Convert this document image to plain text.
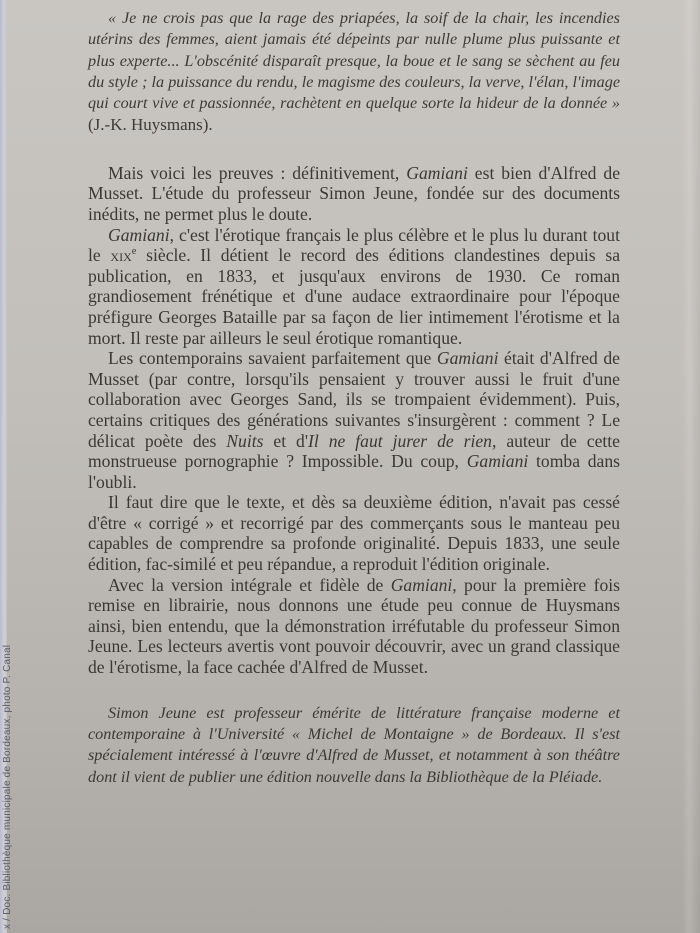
x / Doc. Bibliothèque municipale de Bordeaux, photo P. Canal
« Je ne crois pas que la rage des priapées, la soif de la chair, les incendies utérins des femmes, aient jamais été dépeints par nulle plume plus puissante et plus experte... L'obscénité disparaît presque, la boue et le sang se sèchent au feu du style ; la puissance du rendu, le magisme des couleurs, la verve, l'élan, l'image qui court vive et passionnée, rachètent en quelque sorte la hideur de la donnée » (J.-K. Huysmans).

Mais voici les preuves : définitivement, Gamiani est bien d'Alfred de Musset. L'étude du professeur Simon Jeune, fondée sur des documents inédits, ne permet plus le doute.

Gamiani, c'est l'érotique français le plus célèbre et le plus lu durant tout le xix$^e$ siècle. Il détient le record des éditions clandestines depuis sa publication, en 1833, et jusqu'aux environs de 1930. Ce roman grandiosement frénétique et d'une audace extraordinaire pour l'époque préfigure Georges Bataille par sa façon de lier intimement l'érotisme et la mort. Il reste par ailleurs le seul érotique romantique.

Les contemporains savaient parfaitement que Gamiani était d'Alfred de Musset (par contre, lorsqu'ils pensaient y trouver aussi le fruit d'une collaboration avec Georges Sand, ils se trompaient évidemment). Puis, certains critiques des générations suivantes s'insurgèrent : comment ? Le délicat poète des Nuits et d'Il ne faut jurer de rien, auteur de cette monstrueuse pornographie ? Impossible. Du coup, Gamiani tomba dans l'oubli.

Il faut dire que le texte, et dès sa deuxième édition, n'avait pas cessé d'être « corrigé » et recorrigé par des commerçants sous le manteau peu capables de comprendre sa profonde originalité. Depuis 1833, une seule édition, fac-similé et peu répandue, a reproduit l'édition originale.

Avec la version intégrale et fidèle de Gamiani, pour la première fois remise en librairie, nous donnons une étude peu connue de Huysmans ainsi, bien entendu, que la démonstration irréfutable du professeur Simon Jeune. Les lecteurs avertis vont pouvoir découvrir, avec un grand classique de l'érotisme, la face cachée d'Alfred de Musset.

Simon Jeune est professeur émérite de littérature française moderne et contemporaine à l'Université « Michel de Montaigne » de Bordeaux. Il s'est spécialement intéressé à l'œuvre d'Alfred de Musset, et notamment à son théâtre dont il vient de publier une édition nouvelle dans la Bibliothèque de la Pléiade.
